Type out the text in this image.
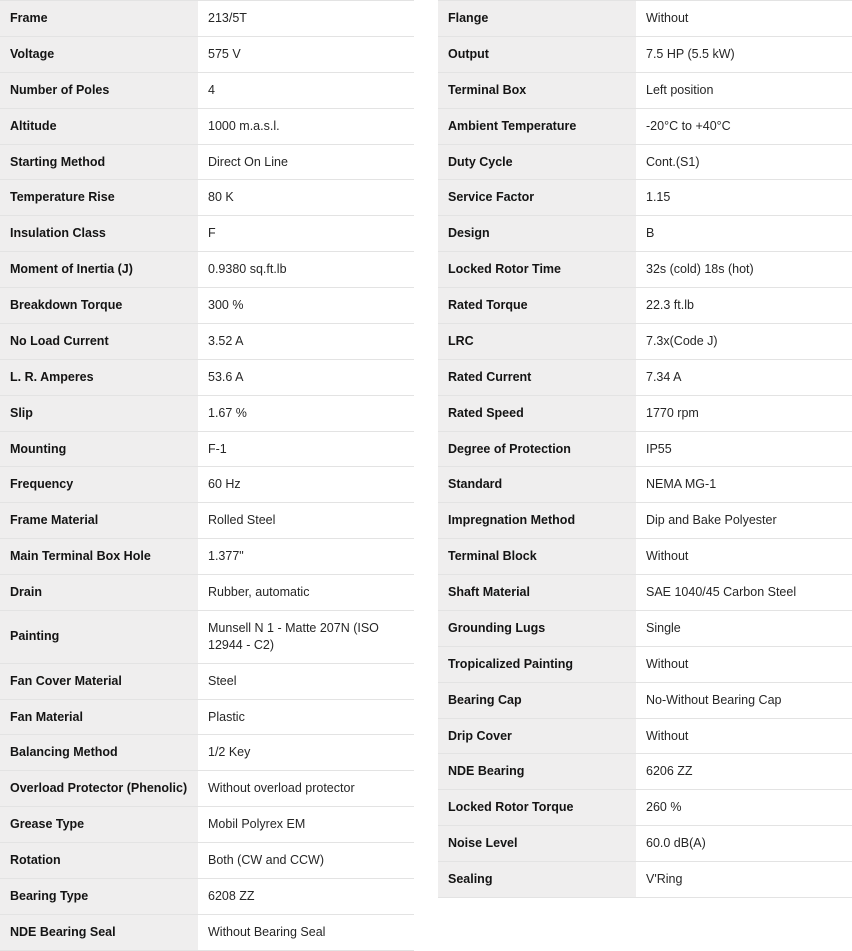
Frame	213/5T
Voltage	575 V
Number of Poles	4
Altitude	1000 m.a.s.l.
Starting Method	Direct On Line
Temperature Rise	80 K
Insulation Class	F
Moment of Inertia (J)	0.9380 sq.ft.lb
Breakdown Torque	300 %
No Load Current	3.52 A
L. R. Amperes	53.6 A
Slip	1.67 %
Mounting	F-1
Frequency	60 Hz
Frame Material	Rolled Steel
Main Terminal Box Hole	1.377"
Drain	Rubber, automatic
Painting	Munsell N 1 - Matte 207N (ISO 12944 - C2)
Fan Cover Material	Steel
Fan Material	Plastic
Balancing Method	1/2 Key
Overload Protector (Phenolic)	Without overload protector
Grease Type	Mobil Polyrex EM
Rotation	Both (CW and CCW)
Bearing Type	6208 ZZ
NDE Bearing Seal	Without Bearing Seal
Flange	Without
Output	7.5 HP (5.5 kW)
Terminal Box	Left position
Ambient Temperature	-20°C to +40°C
Duty Cycle	Cont.(S1)
Service Factor	1.15
Design	B
Locked Rotor Time	32s (cold) 18s (hot)
Rated Torque	22.3 ft.lb
LRC	7.3x(Code J)
Rated Current	7.34 A
Rated Speed	1770 rpm
Degree of Protection	IP55
Standard	NEMA MG-1
Impregnation Method	Dip and Bake Polyester
Terminal Block	Without
Shaft Material	SAE 1040/45 Carbon Steel
Grounding Lugs	Single
Tropicalized Painting	Without
Bearing Cap	No-Without Bearing Cap
Drip Cover	Without
NDE Bearing	6206 ZZ
Locked Rotor Torque	260 %
Noise Level	60.0 dB(A)
Sealing	V'Ring
